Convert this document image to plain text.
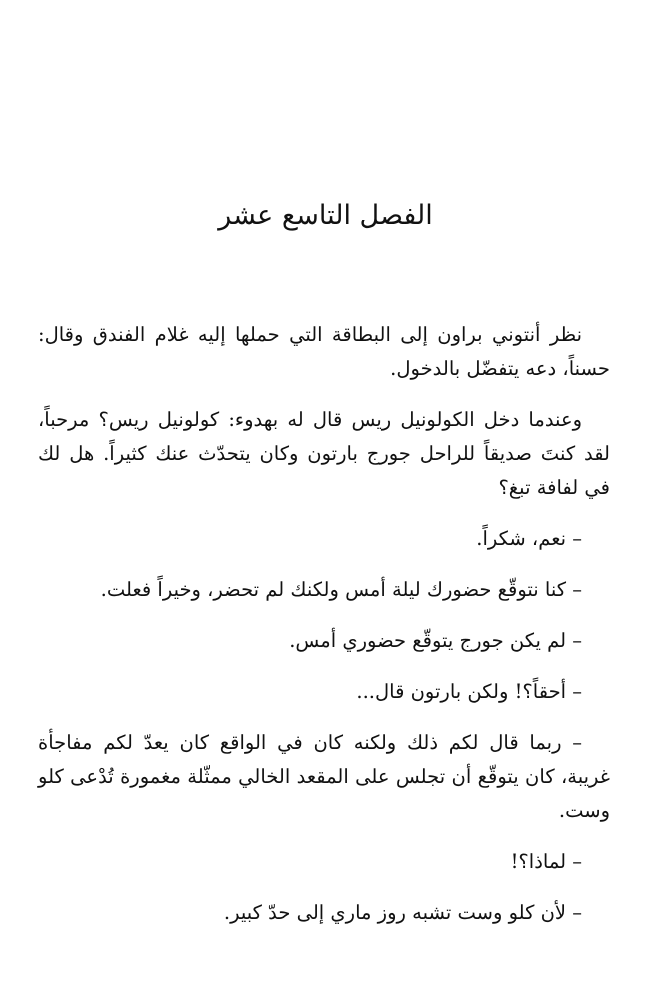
الفصل التاسع عشر

نظر أنتوني براون إلى البطاقة التي حملها إليه غلام الفندق وقال: حسناً، دعه يتفضّل بالدخول.

وعندما دخل الكولونيل ريس قال له بهدوء: كولونيل ريس؟ مرحباً، لقد كنتَ صديقاً للراحل جورج بارتون وكان يتحدّث عنك كثيراً. هل لك في لفافة تبغ؟

– نعم، شكراً.

– كنا نتوقّع حضورك ليلة أمس ولكنك لم تحضر، وخيراً فعلت.

– لم يكن جورج يتوقّع حضوري أمس.

– أحقاً؟! ولكن بارتون قال...

– ربما قال لكم ذلك ولكنه كان في الواقع كان يعدّ لكم مفاجأة غريبة، كان يتوقّع أن تجلس على المقعد الخالي ممثّلة مغمورة تُدْعى كلو وست.

– لماذا؟!

– لأن كلو وست تشبه روز ماري إلى حدّ كبير.
